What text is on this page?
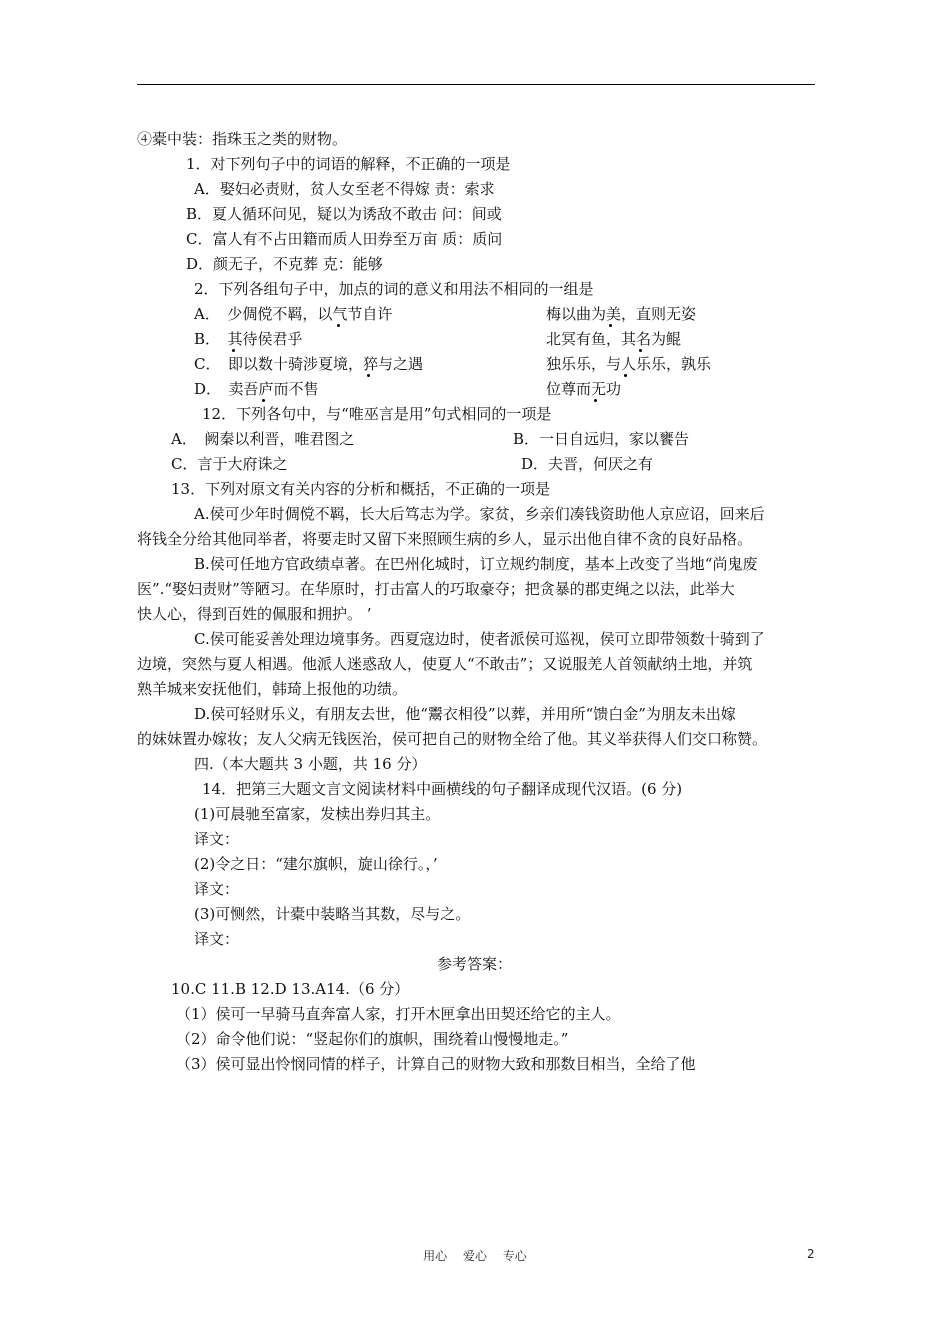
④橐中装：指珠玉之类的财物。
1．对下列句子中的词语的解释，不正确的一项是
A．娶妇必责财，贫人女至老不得嫁 责：索求
B．夏人循环问见，疑以为诱敌不敢击 问：间或
C．富人有不占田籍而质人田券至万亩 质：质问
D．颜无子，不克葬 克：能够
2．下列各组句子中，加点的词的意义和用法不相同的一组是
A．　少倜傥不羁，以气节自许	梅以曲为美，直则无姿
B．　其待侯君乎	北冥有鱼，其名为鲲
C．　即以数十骑涉夏境，猝与之遇	独乐乐，与人乐乐，孰乐
D．　卖吾庐而不售	位尊而无功
12．下列各句中，与“唯巫言是用”句式相同的一项是
A．　阙秦以利晋，唯君图之	B．一日自远归，家以饔告
C．言于大府诛之	D．夫晋，何厌之有
13．下列对原文有关内容的分析和概括，不正确的一项是
A.侯可少年时倜傥不羁，长大后笃志为学。家贫，乡亲们凑钱资助他人京应诏，回来后
将钱全分给其他同举者，将要走时又留下来照顾生病的乡人，显示出他自律不贪的良好品格。
B.侯可任地方官政绩卓著。在巴州化城时，订立规约制度，基本上改变了当地“尚鬼废
医”.“娶妇责财”等陋习。在华原时，打击富人的巧取豪夺；把贪暴的郡吏绳之以法，此举大
快人心，得到百姓的佩服和拥护。 ’
C.侯可能妥善处理边境事务。西夏寇边时，使者派侯可巡视，侯可立即带领数十骑到了
边境，突然与夏人相遇。他派人迷惑敌人，使夏人“不敢击”；又说服羌人首领献纳土地，并筑
熟羊城来安抚他们，韩琦上报他的功绩。
D.侯可轻财乐义，有朋友去世，他“鬻衣相役”以葬，并用所“馈白金”为朋友未出嫁
的妹妹置办嫁妆；友人父病无钱医治，侯可把自己的财物全给了他。其义举获得人们交口称赞。
四.（本大题共 3 小题，共 16 分）
14．把第三大题文言文阅读材料中画横线的句子翻译成现代汉语。(6 分)
(1)可晨驰至富家，发椟出券归其主。
译文：
(2)令之日：“建尔旗帜，旋山徐行。，’
译文：
(3)可恻然，计橐中装略当其数，尽与之。
译文：
参考答案：
10.C 11.B 12.D 13.A14.（6 分）
（1）侯可一早骑马直奔富人家，打开木匣拿出田契还给它的主人。
（2）命令他们说：“竖起你们的旗帜，围绕着山慢慢地走。”
（3）侯可显出怜悯同情的样子，计算自己的财物大致和那数目相当，全给了他
用心　 爱心　 专心	2
